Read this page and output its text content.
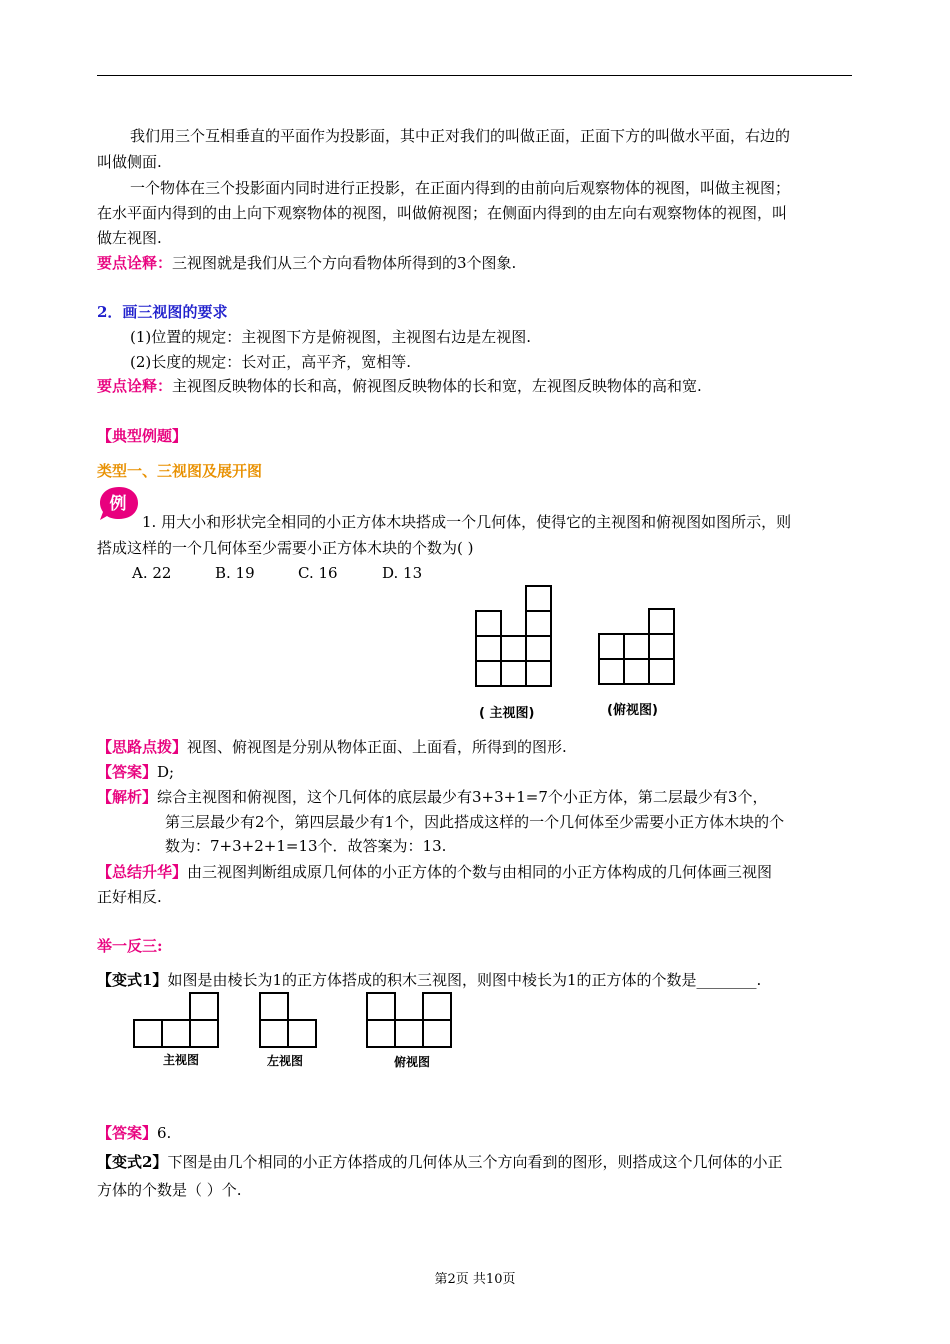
我们用三个互相垂直的平面作为投影面，其中正对我们的叫做正面，正面下方的叫做水平面，右边的
叫做侧面.
一个物体在三个投影面内同时进行正投影，在正面内得到的由前向后观察物体的视图，叫做主视图；
在水平面内得到的由上向下观察物体的视图，叫做俯视图；在侧面内得到的由左向右观察物体的视图，叫
做左视图.
要点诠释：三视图就是我们从三个方向看物体所得到的3个图象.
2．画三视图的要求
(1)位置的规定：主视图下方是俯视图，主视图右边是左视图.
(2)长度的规定：长对正，高平齐，宽相等.
要点诠释：主视图反映物体的长和高，俯视图反映物体的长和宽，左视图反映物体的高和宽.
【典型例题】
类型一、三视图及展开图
例
1. 用大小和形状完全相同的小正方体木块搭成一个几何体，使得它的主视图和俯视图如图所示，则
搭成这样的一个几何体至少需要小正方体木块的个数为( )
A. 22	B. 19	C. 16	D. 13
( 主视图)	(俯视图)
【思路点拨】视图、俯视图是分别从物体正面、上面看，所得到的图形.
【答案】D;
【解析】综合主视图和俯视图，这个几何体的底层最少有3+3+1=7个小正方体，第二层最少有3个，
第三层最少有2个，第四层最少有1个，因此搭成这样的一个几何体至少需要小正方体木块的个
数为：7+3+2+1=13个．故答案为：13.
【总结升华】由三视图判断组成原几何体的小正方体的个数与由相同的小正方体构成的几何体画三视图
正好相反.
举一反三:
【变式1】如图是由棱长为1的正方体搭成的积木三视图，则图中棱长为1的正方体的个数是________.
主视图	左视图	俯视图
【答案】6.
【变式2】下图是由几个相同的小正方体搭成的几何体从三个方向看到的图形，则搭成这个几何体的小正
方体的个数是（ ）个.
第2页 共10页
